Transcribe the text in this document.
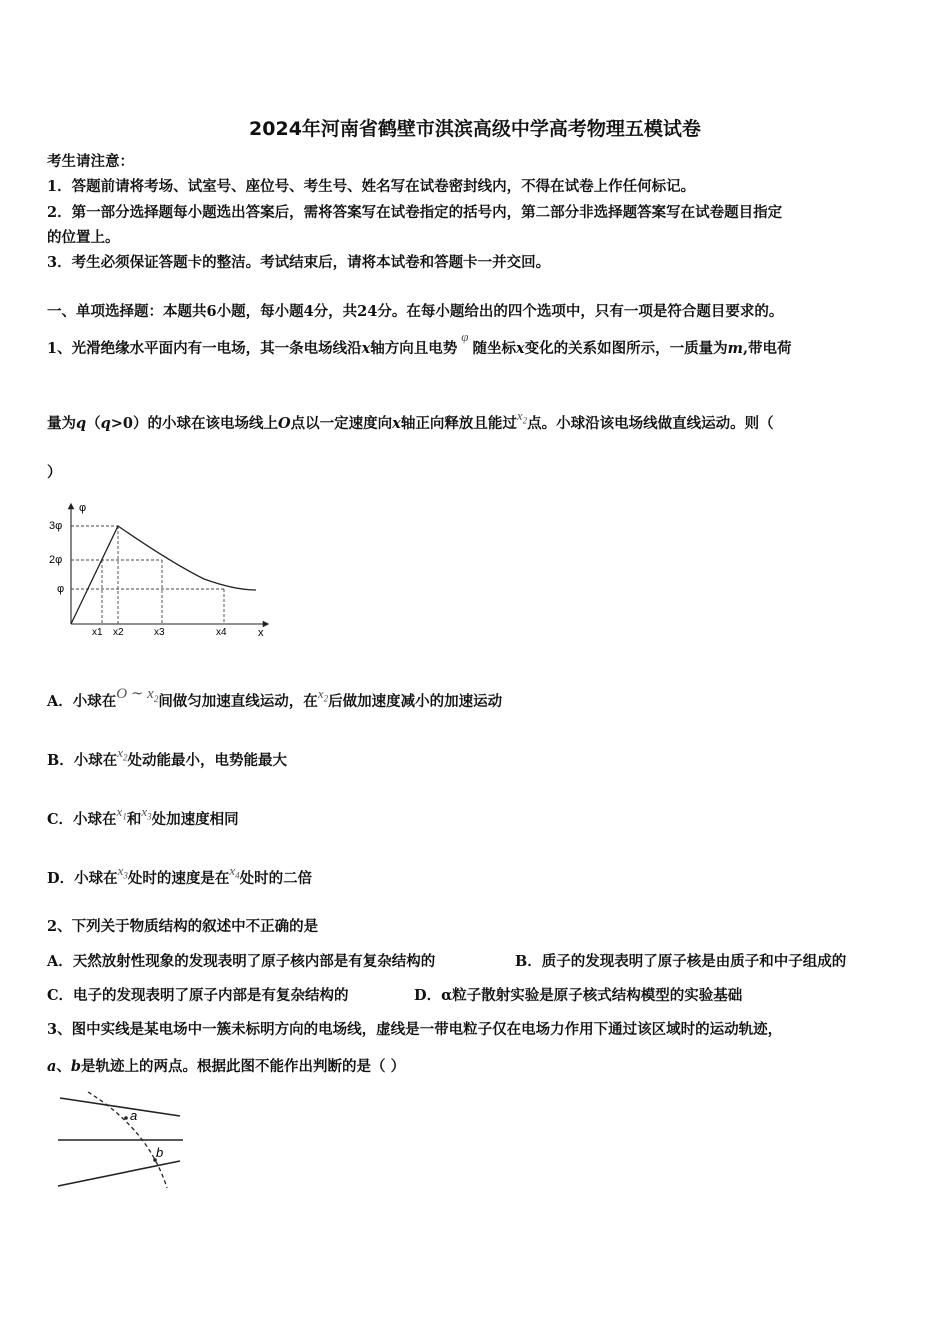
2024年河南省鹤壁市淇滨高级中学高考物理五模试卷
考生请注意：
1．答题前请将考场、试室号、座位号、考生号、姓名写在试卷密封线内，不得在试卷上作任何标记。
2．第一部分选择题每小题选出答案后，需将答案写在试卷指定的括号内，第二部分非选择题答案写在试卷题目指定
的位置上。
3．考生必须保证答题卡的整洁。考试结束后，请将本试卷和答题卡一并交回。
一、单项选择题：本题共6小题，每小题4分，共24分。在每小题给出的四个选项中，只有一项是符合题目要求的。
1、光滑绝缘水平面内有一电场，其一条电场线沿x轴方向且电势φ随坐标x变化的关系如图所示，一质量为m,带电荷
量为q（q>0）的小球在该电场线上O点以一定速度向x轴正向释放且能过$x_2$点。小球沿该电场线做直线运动。则（
）
φ
x
3φ
2φ
φ
x1 x2	x3	x4
A．小球在O ∼ $x_2$间做匀加速直线运动，在$x_2$后做加速度减小的加速运动
B．小球在$x_2$处动能最小，电势能最大
C．小球在$x_1$和$x_3$处加速度相同
D．小球在$x_3$处时的速度是在$x_4$处时的二倍
2、下列关于物质结构的叙述中不正确的是
A．天然放射性现象的发现表明了原子核内部是有复杂结构的	B．质子的发现表明了原子核是由质子和中子组成的
C．电子的发现表明了原子内部是有复杂结构的	D．α粒子散射实验是原子核式结构模型的实验基础
3、图中实线是某电场中一簇未标明方向的电场线，虚线是一带电粒子仅在电场力作用下通过该区域时的运动轨迹，
a、b是轨迹上的两点。根据此图不能作出判断的是（ ）
a
b
